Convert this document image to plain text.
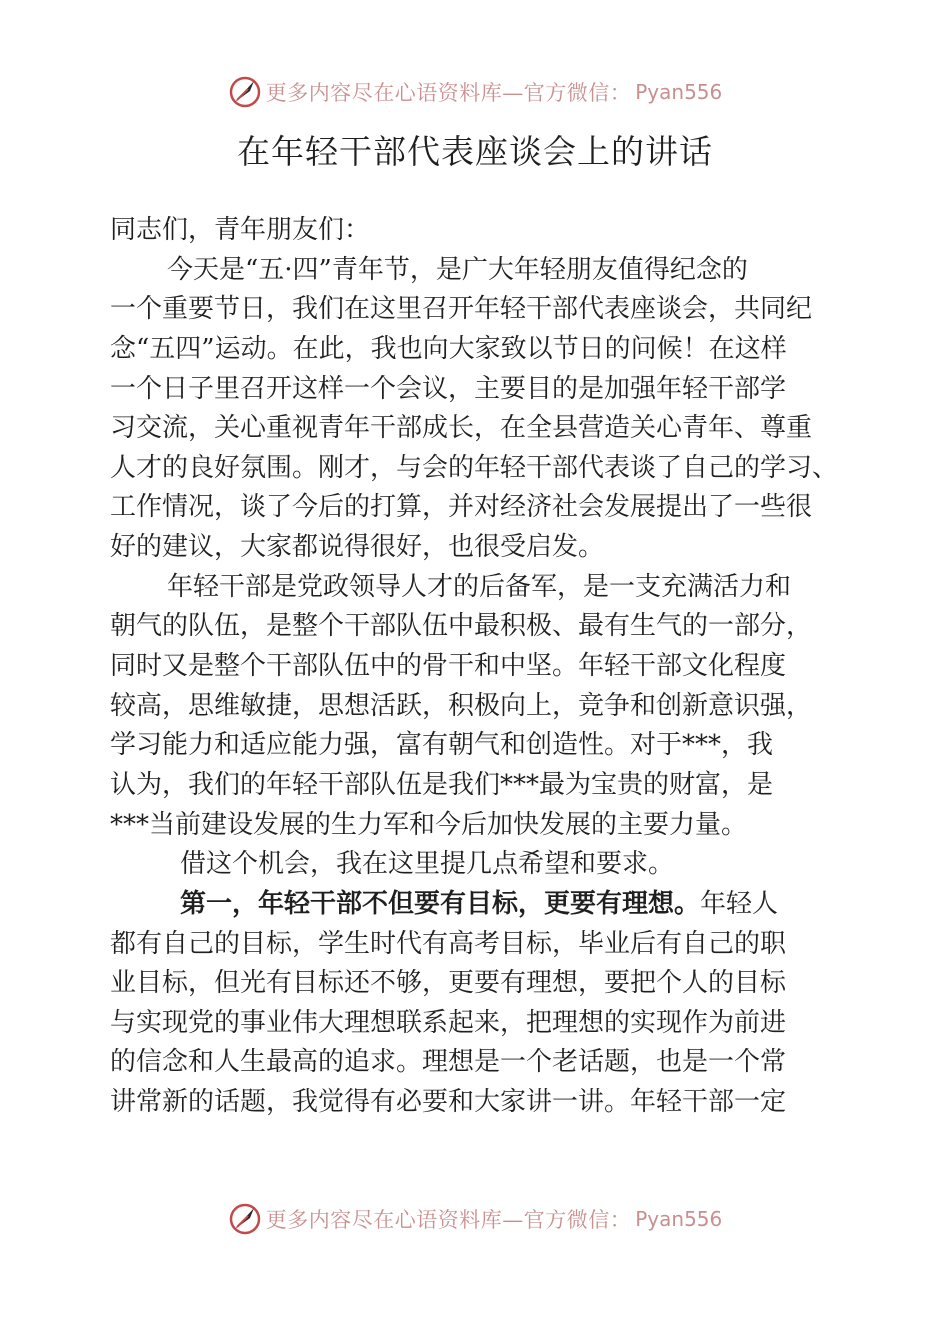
更多内容尽在心语资料库—官方微信： Pyan556
在年轻干部代表座谈会上的讲话
同志们，青年朋友们：
今天是“五·四”青年节，是广大年轻朋友值得纪念的
一个重要节日，我们在这里召开年轻干部代表座谈会，共同纪
念“五四”运动。在此，我也向大家致以节日的问候！在这样
一个日子里召开这样一个会议，主要目的是加强年轻干部学
习交流，关心重视青年干部成长，在全县营造关心青年、尊重
人才的良好氛围。刚才，与会的年轻干部代表谈了自己的学习、
工作情况，谈了今后的打算，并对经济社会发展提出了一些很
好的建议，大家都说得很好，也很受启发。
年轻干部是党政领导人才的后备军，是一支充满活力和
朝气的队伍，是整个干部队伍中最积极、最有生气的一部分，
同时又是整个干部队伍中的骨干和中坚。年轻干部文化程度
较高，思维敏捷，思想活跃，积极向上，竞争和创新意识强，
学习能力和适应能力强，富有朝气和创造性。对于***，我
认为，我们的年轻干部队伍是我们***最为宝贵的财富，是
***当前建设发展的生力军和今后加快发展的主要力量。
借这个机会，我在这里提几点希望和要求。
第一，年轻干部不但要有目标，更要有理想。年轻人
都有自己的目标，学生时代有高考目标，毕业后有自己的职
业目标，但光有目标还不够，更要有理想，要把个人的目标
与实现党的事业伟大理想联系起来，把理想的实现作为前进
的信念和人生最高的追求。理想是一个老话题，也是一个常
讲常新的话题，我觉得有必要和大家讲一讲。年轻干部一定
更多内容尽在心语资料库—官方微信： Pyan556
